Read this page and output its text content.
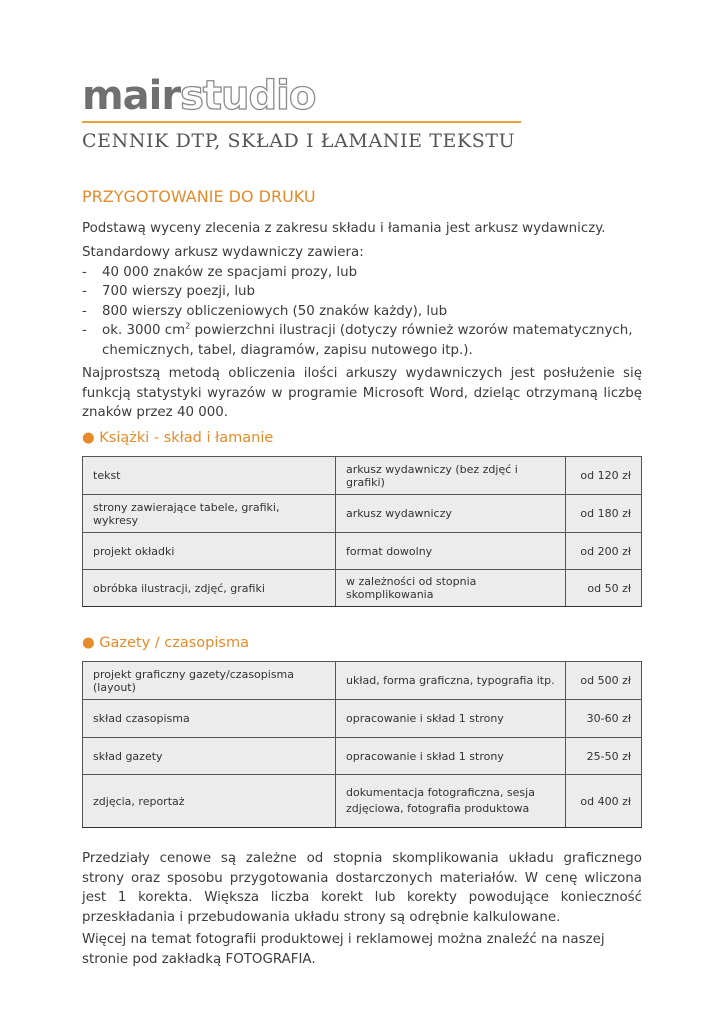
mairstudio
CENNIK DTP, SKŁAD I ŁAMANIE TEKSTU
PRZYGOTOWANIE DO DRUKU
Podstawą wyceny zlecenia z zakresu składu i łamania jest arkusz wydawniczy.
Standardowy arkusz wydawniczy zawiera:
- 40 000 znaków ze spacjami prozy, lub
- 700 wierszy poezji, lub
- 800 wierszy obliczeniowych (50 znaków każdy), lub
- ok. 3000 $cm^2$ powierzchni ilustracji (dotyczy również wzorów matematycznych, chemicznych, tabel, diagramów, zapisu nutowego itp.).
Najprostszą metodą obliczenia ilości arkuszy wydawniczych jest posłużenie się funkcją statystyki wyrazów w programie Microsoft Word, dzieląc otrzymaną liczbę znaków przez 40 000.
● Książki - skład i łamanie
tekst	arkusz wydawniczy (bez zdjęć i grafiki)	od 120 zł
strony zawierające tabele, grafiki, wykresy	arkusz wydawniczy	od 180 zł
projekt okładki	format dowolny	od 200 zł
obróbka ilustracji, zdjęć, grafiki	w zależności od stopnia skomplikowania	od 50 zł
● Gazety / czasopisma
projekt graficzny gazety/czasopisma (layout)	układ, forma graficzna, typografia itp.	od 500 zł
skład czasopisma	opracowanie i skład 1 strony	30-60 zł
skład gazety	opracowanie i skład 1 strony	25-50 zł
zdjęcia, reportaż	dokumentacja fotograficzna, sesja zdjęciowa, fotografia produktowa	od 400 zł
Przedziały cenowe są zależne od stopnia skomplikowania układu graficznego strony oraz sposobu przygotowania dostarczonych materiałów. W cenę wliczona jest 1 korekta. Większa liczba korekt lub korekty powodujące konieczność przeskładania i przebudowania układu strony są odrębnie kalkulowane.
Więcej na temat fotografii produktowej i reklamowej można znaleźć na naszej stronie pod zakładką FOTOGRAFIA.
